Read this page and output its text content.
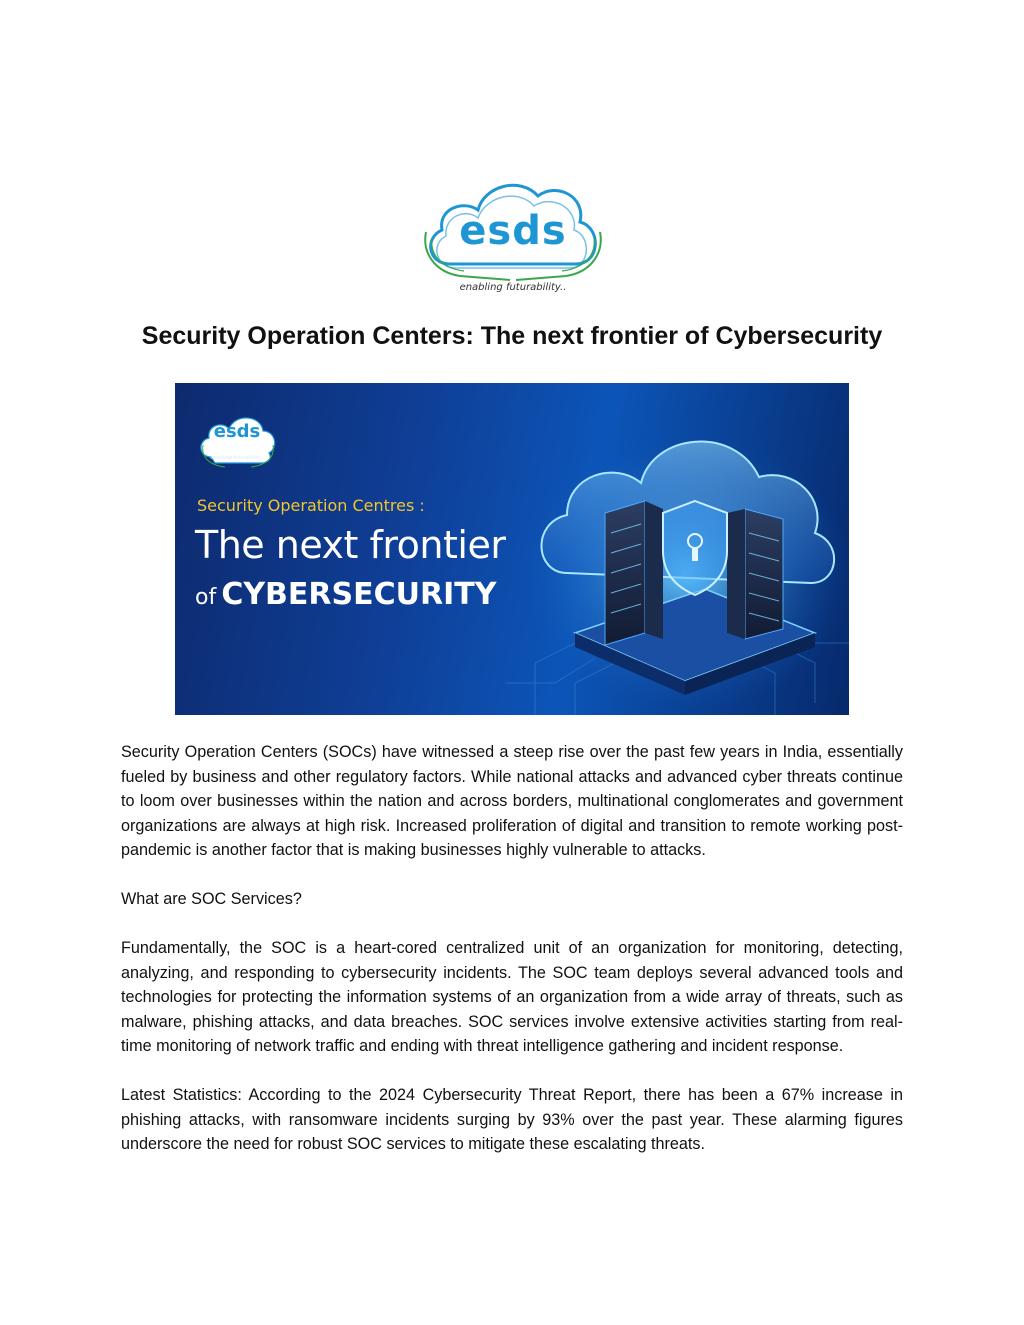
esds
enabling futurability..
Security Operation Centers: The next frontier of Cybersecurity
esds
enabling futurability..
Security Operation Centres :
The next frontier
of CYBERSECURITY

Security Operation Centers (SOCs) have witnessed a steep rise over the past few years in India, essentially fueled by business and other regulatory factors. While national attacks and advanced cyber threats continue to loom over businesses within the nation and across borders, multinational conglomerates and government organizations are always at high risk. Increased proliferation of digital and transition to remote working post-pandemic is another factor that is making businesses highly vulnerable to attacks.

What are SOC Services?

Fundamentally, the SOC is a heart-cored centralized unit of an organization for monitoring, detecting, analyzing, and responding to cybersecurity incidents. The SOC team deploys several advanced tools and technologies for protecting the information systems of an organization from a wide array of threats, such as malware, phishing attacks, and data breaches. SOC services involve extensive activities starting from real-time monitoring of network traffic and ending with threat intelligence gathering and incident response.

Latest Statistics: According to the 2024 Cybersecurity Threat Report, there has been a 67% increase in phishing attacks, with ransomware incidents surging by 93% over the past year. These alarming figures underscore the need for robust SOC services to mitigate these escalating threats.
